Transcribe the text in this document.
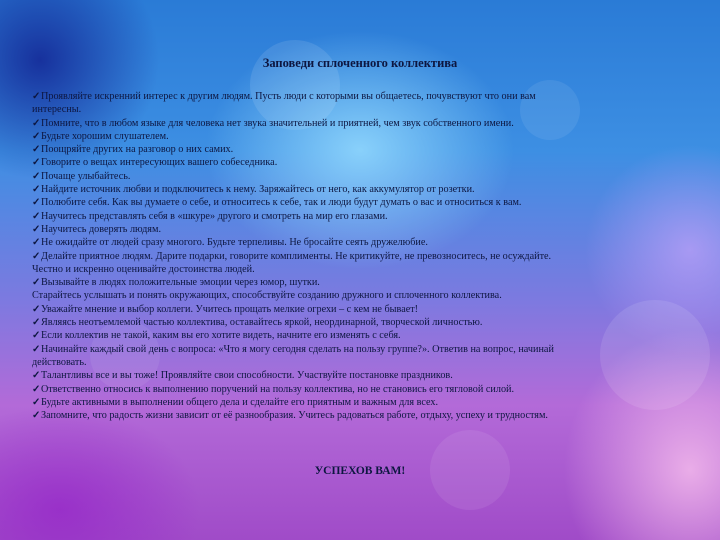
Заповеди сплоченного коллектива
✓Проявляйте искренний интерес к другим людям. Пусть люди с которыми вы общаетесь, почувствуют что они вам
интересны.
✓Помните, что в любом языке для человека нет звука значительней и приятней, чем звук собственного имени.
✓Будьте хорошим слушателем.
✓Поощряйте других на разговор о них самих.
✓Говорите о вещах интересующих вашего собеседника.
✓Почаще улыбайтесь.
✓Найдите источник любви и подключитесь к нему. Заряжайтесь от него, как аккумулятор от розетки.
✓Полюбите себя. Как вы думаете о себе, и относитесь к себе, так и люди будут думать о вас и относиться к вам.
✓Научитесь представлять себя в «шкуре» другого и смотреть на мир его глазами.
✓Научитесь доверять людям.
✓Не ожидайте от людей сразу многого. Будьте терпеливы. Не бросайте сеять дружелюбие.
✓Делайте приятное людям. Дарите подарки, говорите комплименты. Не критикуйте, не превозноситесь, не осуждайте.
Честно и искренно оценивайте достоинства людей.
✓Вызывайте в людях положительные эмоции через юмор, шутки.
Старайтесь услышать и понять окружающих, способствуйте созданию дружного и сплоченного коллектива.
✓Уважайте мнение и выбор коллеги. Учитесь прощать мелкие огрехи – с кем не бывает!
✓Являясь неотъемлемой частью коллектива, оставайтесь яркой, неординарной, творческой личностью.
✓Если коллектив не такой, каким вы его хотите видеть, начните его изменять с себя.
✓Начинайте каждый свой день с вопроса: «Что я могу сегодня сделать на пользу группе?». Ответив на вопрос, начинай
действовать.
✓Талантливы все и вы тоже! Проявляйте свои способности. Участвуйте постановке праздников.
✓Ответственно относись к выполнению поручений на пользу коллектива, но не становись его тягловой силой.
✓Будьте активными в выполнении общего дела и сделайте его приятным и важным для всех.
✓Запомните, что радость жизни зависит от её разнообразия. Учитесь радоваться работе, отдыху, успеху и трудностям.
УСПЕХОВ ВАМ!
